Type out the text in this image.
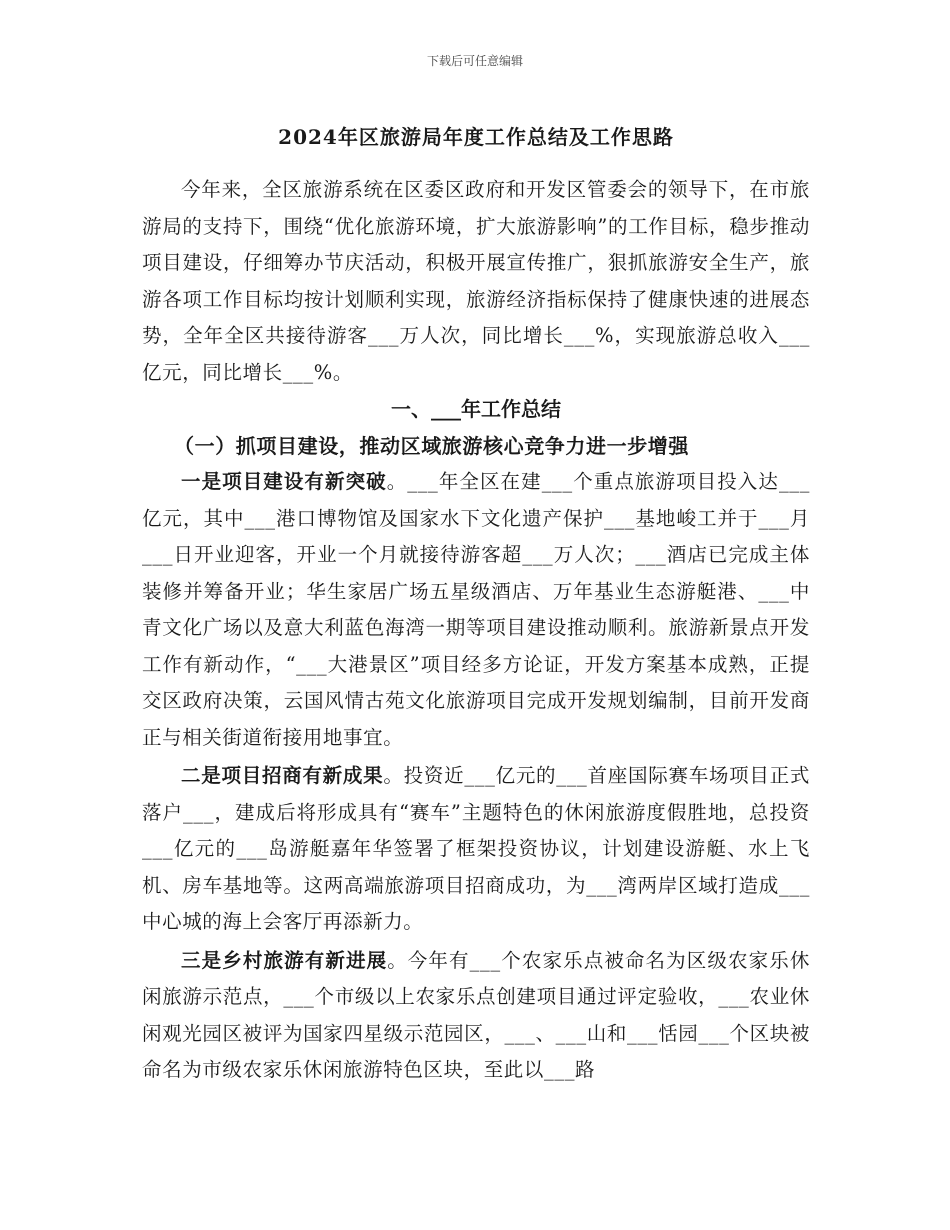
下载后可任意编辑
2024年区旅游局年度工作总结及工作思路

今年来，全区旅游系统在区委区政府和开发区管委会的领导下，在市旅游局的支持下，围绕“优化旅游环境，扩大旅游影响”的工作目标，稳步推动项目建设，仔细筹办节庆活动，积极开展宣传推广，狠抓旅游安全生产，旅游各项工作目标均按计划顺利实现，旅游经济指标保持了健康快速的进展态势，全年全区共接待游客___万人次，同比增长___%，实现旅游总收入___亿元，同比增长___%。

一、___年工作总结
（一）抓项目建设，推动区域旅游核心竞争力进一步增强

一是项目建设有新突破。___年全区在建___个重点旅游项目投入达___亿元，其中___港口博物馆及国家水下文化遗产保护___基地峻工并于___月___日开业迎客，开业一个月就接待游客超___万人次；___酒店已完成主体装修并筹备开业；华生家居广场五星级酒店、万年基业生态游艇港、___中青文化广场以及意大利蓝色海湾一期等项目建设推动顺利。旅游新景点开发工作有新动作，“___大港景区”项目经多方论证，开发方案基本成熟，正提交区政府决策，云国风情古苑文化旅游项目完成开发规划编制，目前开发商正与相关街道衔接用地事宜。

二是项目招商有新成果。投资近___亿元的___首座国际赛车场项目正式落户___，建成后将形成具有“赛车”主题特色的休闲旅游度假胜地，总投资___亿元的___岛游艇嘉年华签署了框架投资协议，计划建设游艇、水上飞机、房车基地等。这两高端旅游项目招商成功，为___湾两岸区域打造成___中心城的海上会客厅再添新力。

三是乡村旅游有新进展。今年有___个农家乐点被命名为区级农家乐休闲旅游示范点，___个市级以上农家乐点创建项目通过评定验收，___农业休闲观光园区被评为国家四星级示范园区，___、___山和___恬园___个区块被命名为市级农家乐休闲旅游特色区块，至此以___路
